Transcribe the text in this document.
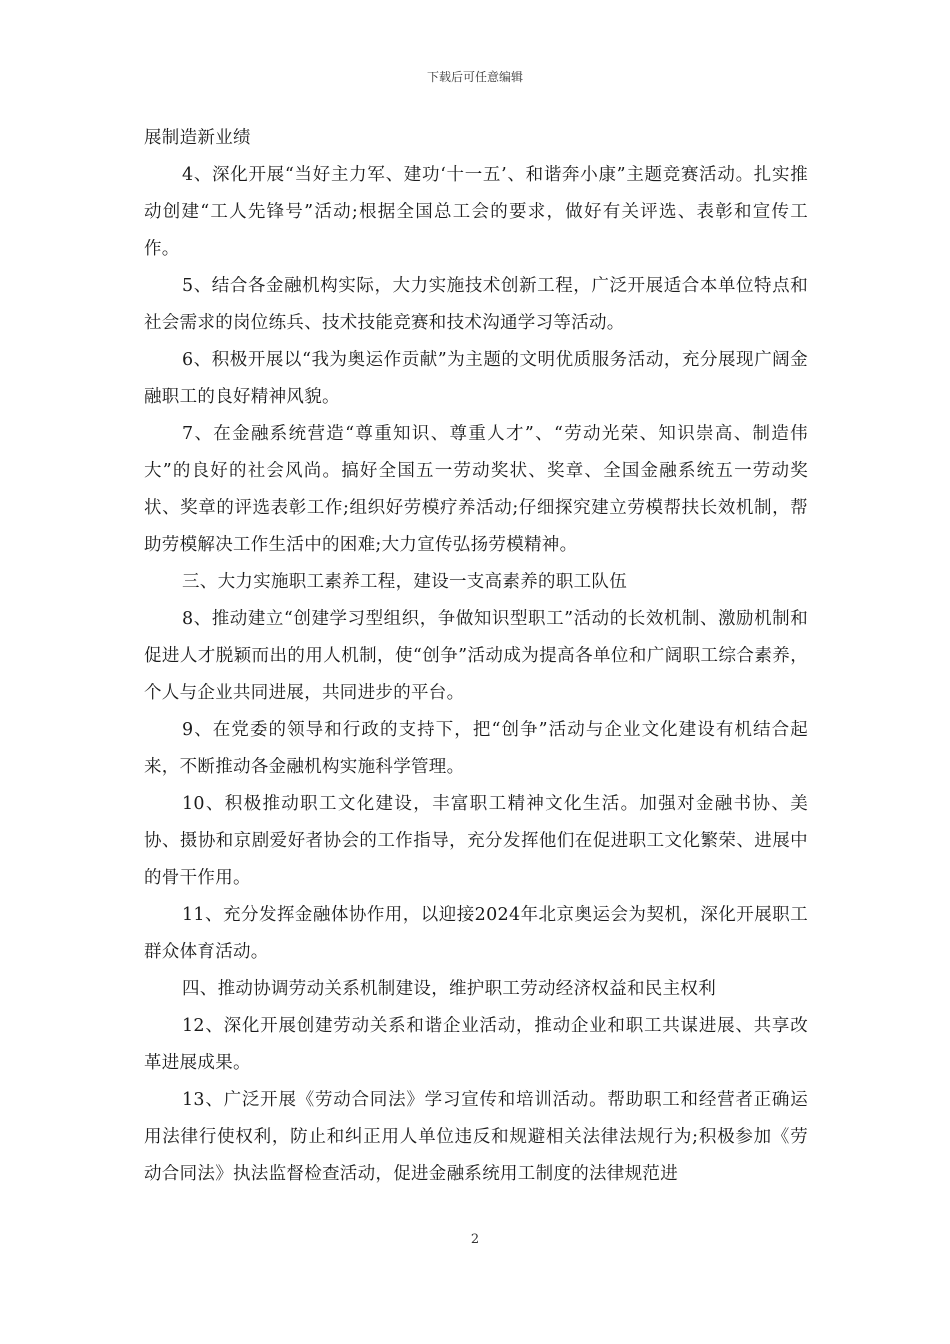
下载后可任意编辑

展制造新业绩

4、深化开展“当好主力军、建功‘十一五’、和谐奔小康”主题竞赛活动。扎实推动创建“工人先锋号”活动;根据全国总工会的要求，做好有关评选、表彰和宣传工作。

5、结合各金融机构实际，大力实施技术创新工程，广泛开展适合本单位特点和社会需求的岗位练兵、技术技能竞赛和技术沟通学习等活动。

6、积极开展以“我为奥运作贡献”为主题的文明优质服务活动，充分展现广阔金融职工的良好精神风貌。

7、在金融系统营造“尊重知识、尊重人才”、“劳动光荣、知识崇高、制造伟大”的良好的社会风尚。搞好全国五一劳动奖状、奖章、全国金融系统五一劳动奖状、奖章的评选表彰工作;组织好劳模疗养活动;仔细探究建立劳模帮扶长效机制，帮助劳模解决工作生活中的困难;大力宣传弘扬劳模精神。

三、大力实施职工素养工程，建设一支高素养的职工队伍

8、推动建立“创建学习型组织，争做知识型职工”活动的长效机制、激励机制和促进人才脱颖而出的用人机制，使“创争”活动成为提高各单位和广阔职工综合素养，个人与企业共同进展，共同进步的平台。

9、在党委的领导和行政的支持下，把“创争”活动与企业文化建设有机结合起来，不断推动各金融机构实施科学管理。

10、积极推动职工文化建设，丰富职工精神文化生活。加强对金融书协、美协、摄协和京剧爱好者协会的工作指导，充分发挥他们在促进职工文化繁荣、进展中的骨干作用。

11、充分发挥金融体协作用，以迎接2024年北京奥运会为契机，深化开展职工群众体育活动。

四、推动协调劳动关系机制建设，维护职工劳动经济权益和民主权利

12、深化开展创建劳动关系和谐企业活动，推动企业和职工共谋进展、共享改革进展成果。

13、广泛开展《劳动合同法》学习宣传和培训活动。帮助职工和经营者正确运用法律行使权利，防止和纠正用人单位违反和规避相关法律法规行为;积极参加《劳动合同法》执法监督检查活动，促进金融系统用工制度的法律规范进

2
